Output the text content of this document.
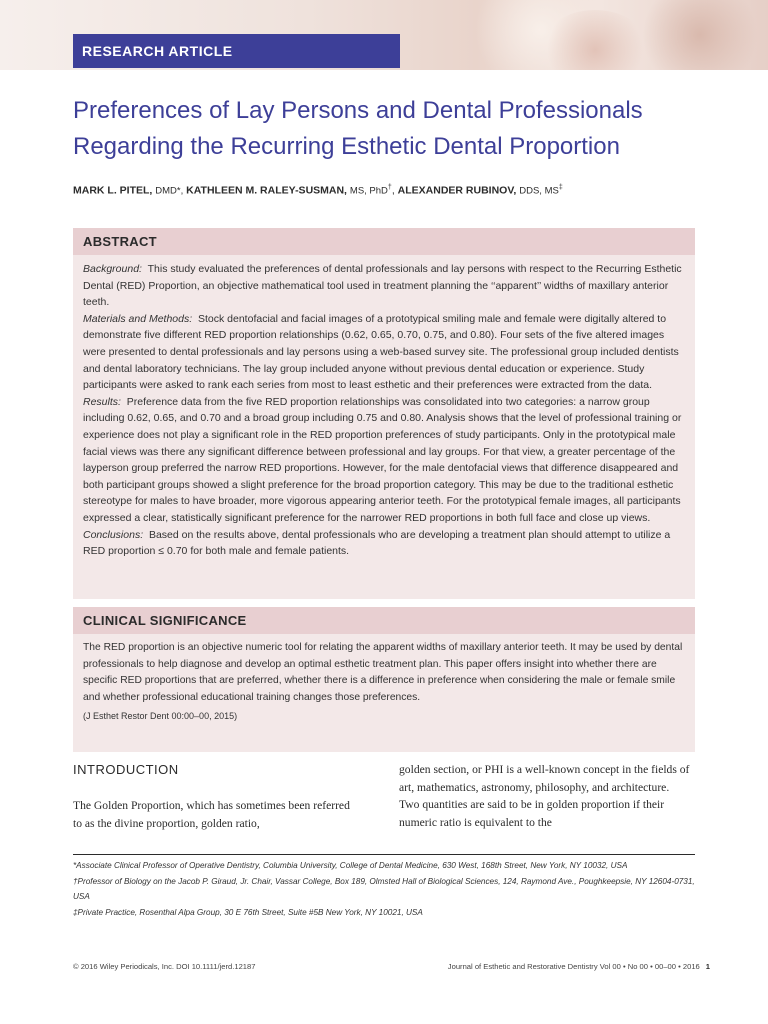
RESEARCH ARTICLE
Preferences of Lay Persons and Dental Professionals
Regarding the Recurring Esthetic Dental Proportion
MARK L. PITEL, DMD*, KATHLEEN M. RALEY-SUSMAN, MS, PhD†, ALEXANDER RUBINOV, DDS, MS‡
ABSTRACT

Background: This study evaluated the preferences of dental professionals and lay persons with respect to the Recurring Esthetic Dental (RED) Proportion, an objective mathematical tool used in treatment planning the ‘‘apparent’’ widths of maxillary anterior teeth.

Materials and Methods: Stock dentofacial and facial images of a prototypical smiling male and female were digitally altered to demonstrate five different RED proportion relationships (0.62, 0.65, 0.70, 0.75, and 0.80). Four sets of the five altered images were presented to dental professionals and lay persons using a web-based survey site. The professional group included dentists and dental laboratory technicians. The lay group included anyone without previous dental education or experience. Study participants were asked to rank each series from most to least esthetic and their preferences were extracted from the data.

Results: Preference data from the five RED proportion relationships was consolidated into two categories: a narrow group including 0.62, 0.65, and 0.70 and a broad group including 0.75 and 0.80. Analysis shows that the level of professional training or experience does not play a significant role in the RED proportion preferences of study participants. Only in the prototypical male facial views was there any significant difference between professional and lay groups. For that view, a greater percentage of the layperson group preferred the narrow RED proportions. However, for the male dentofacial views that difference disappeared and both participant groups showed a slight preference for the broad proportion category. This may be due to the traditional esthetic stereotype for males to have broader, more vigorous appearing anterior teeth. For the prototypical female images, all participants expressed a clear, statistically significant preference for the narrower RED proportions in both full face and close up views.

Conclusions: Based on the results above, dental professionals who are developing a treatment plan should attempt to utilize a RED proportion ≤ 0.70 for both male and female patients.

CLINICAL SIGNIFICANCE

The RED proportion is an objective numeric tool for relating the apparent widths of maxillary anterior teeth. It may be used by dental professionals to help diagnose and develop an optimal esthetic treatment plan. This paper offers insight into whether there are specific RED proportions that are preferred, whether there is a difference in preference when considering the male or female smile and whether professional educational training changes those preferences.

(J Esthet Restor Dent 00:00–00, 2015)

INTRODUCTION
The Golden Proportion, which has sometimes been referred to as the divine proportion, golden ratio,
golden section, or PHI is a well-known concept in the fields of art, mathematics, astronomy, philosophy, and architecture. Two quantities are said to be in golden proportion if their numeric ratio is equivalent to the

*Associate Clinical Professor of Operative Dentistry, Columbia University, College of Dental Medicine, 630 West, 168th Street, New York, NY 10032, USA

†Professor of Biology on the Jacob P. Giraud, Jr. Chair, Vassar College, Box 189, Olmsted Hall of Biological Sciences, 124, Raymond Ave., Poughkeepsie, NY 12604-0731, USA

‡Private Practice, Rosenthal Alpa Group, 30 E 76th Street, Suite #5B New York, NY 10021, USA

© 2016 Wiley Periodicals, Inc. DOI 10.1111/jerd.12187	Journal of Esthetic and Restorative Dentistry Vol 00 • No 00 • 00–00 • 2016 1
